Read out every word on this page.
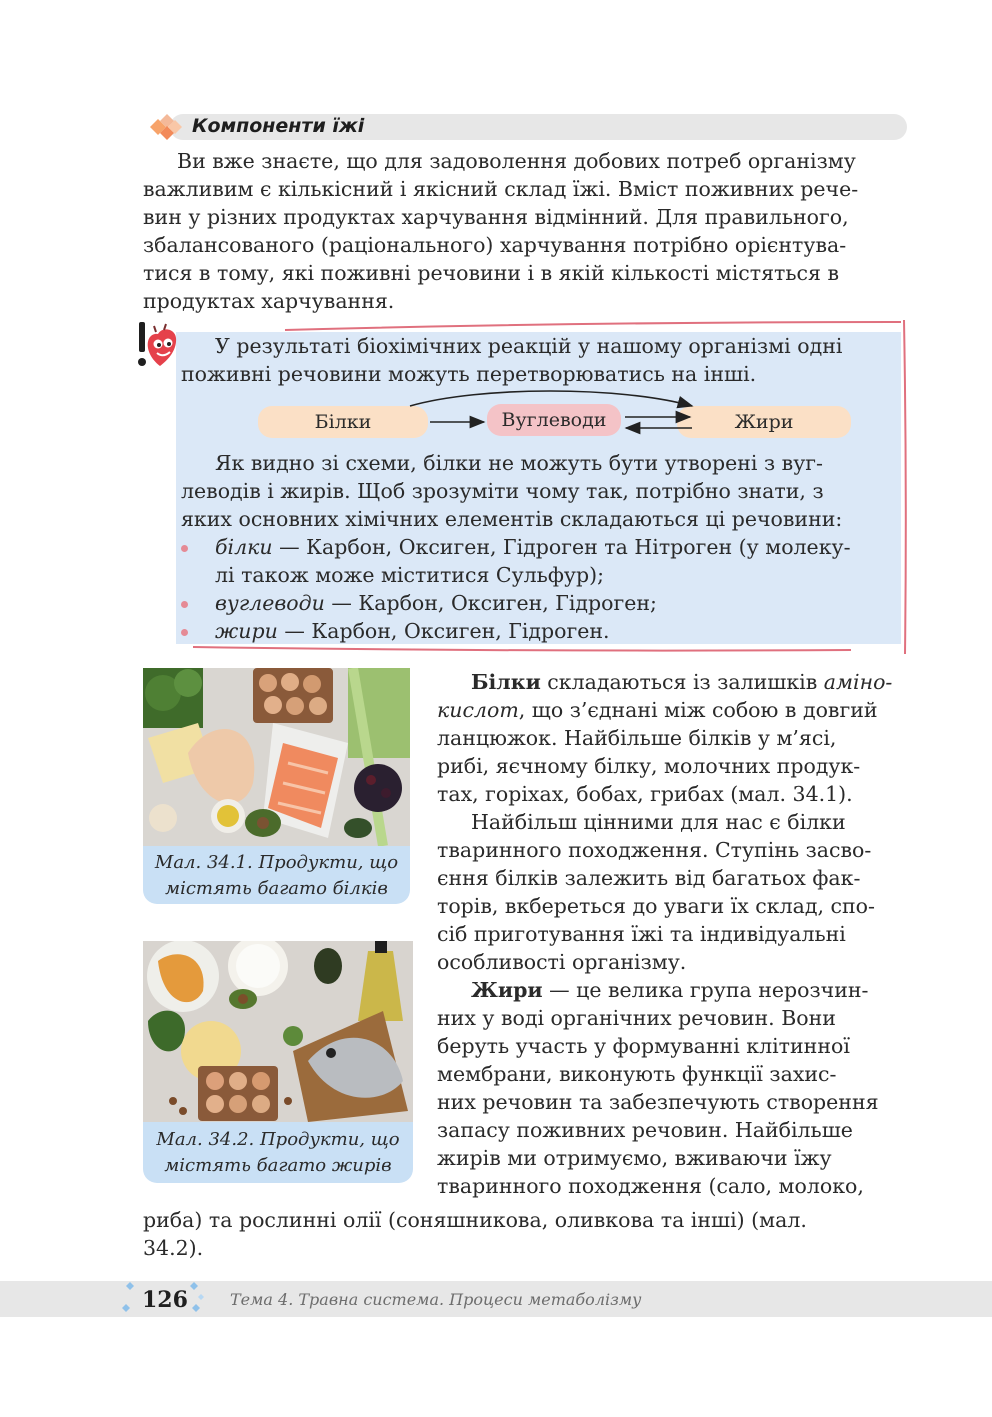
Компоненти їжі

Ви вже знаєте, що для задоволення добових потреб організму

важливим є кількісний і якісний склад їжі. Вміст поживних рече-

вин у різних продуктах харчування відмінний. Для правильного,

збалансованого (раціонального) харчування потрібно орієнтува-

тися в тому, які поживні речовини і в якій кількості містяться в

продуктах харчування.

У результаті біохімічних реакцій у нашому організмі одні
поживні речовини можуть перетворюватись на інші.
Білки	Вуглеводи	Жири
Як видно зі схеми, білки не можуть бути утворені з вуг-
леводів і жирів. Щоб зрозуміти чому так, потрібно знати, з
яких основних хімічних елементів складаються ці речовини:
білки — Карбон, Оксиген, Гідроген та Нітроген (у молеку-
лі також може міститися Сульфур);
вуглеводи — Карбон, Оксиген, Гідроген;
жири — Карбон, Оксиген, Гідроген.
Мал. 34.1. Продукти, що
містять багато білків
Мал. 34.2. Продукти, що
містять багато жирів
Білки складаються із залишків аміно-
кислот, що з’єднані між собою в довгий
ланцюжок. Найбільше білків у м’ясі,
рибі, яєчному білку, молочних продук-
тах, горіхах, бобах, грибах (мал. 34.1).
Найбільш цінними для нас є білки
тваринного походження. Ступінь засво-
єння білків залежить від багатьох фак-
торів, вкбереться до уваги їх склад, спо-
сіб приготування їжі та індивідуальні
особливості організму.
Жири — це велика група нерозчин-
них у воді органічних речовин. Вони
беруть участь у формуванні клітинної
мембрани, виконують функції захис-
них речовин та забезпечують створення
запасу поживних речовин. Найбільше
жирів ми отримуємо, вживаючи їжу
тваринного походження (сало, молоко,
риба) та рослинні олії (соняшникова, оливкова та інші) (мал.
34.2).
126	Тема 4. Травна система. Процеси метаболізму
